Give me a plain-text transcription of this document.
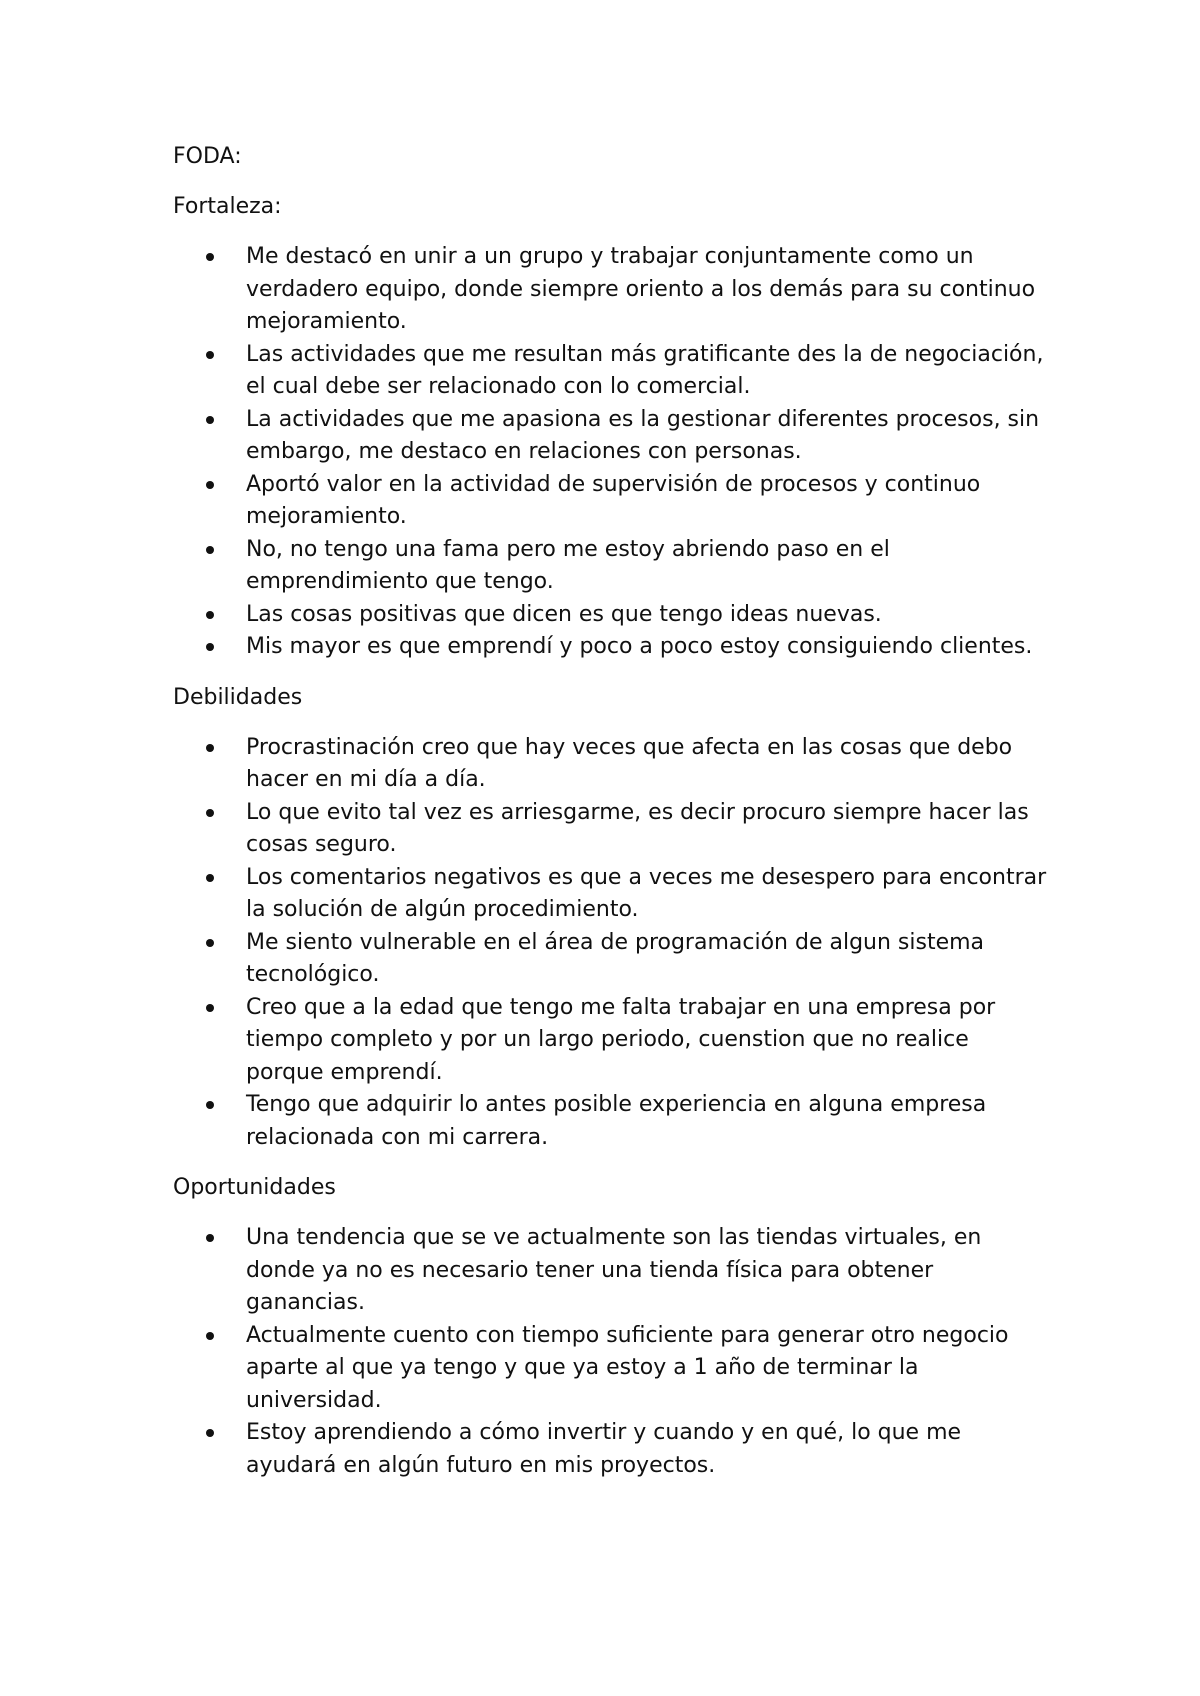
FODA:

Fortaleza:

Me destacó en unir a un grupo y trabajar conjuntamente como un verdadero equipo, donde siempre oriento a los demás para su continuo mejoramiento.
Las actividades que me resultan más gratificante des la de negociación, el cual debe ser relacionado con lo comercial.
La actividades que me apasiona es la gestionar diferentes procesos, sin embargo, me destaco en relaciones con personas.
Aportó valor en la actividad de supervisión de procesos y continuo mejoramiento.
No, no tengo una fama pero me estoy abriendo paso en el emprendimiento que tengo.
Las cosas positivas que dicen es que tengo ideas nuevas.
Mis mayor es que emprendí y poco a poco estoy consiguiendo clientes.

Debilidades

Procrastinación creo que hay veces que afecta en las cosas que debo hacer en mi día a día.
Lo que evito tal vez es arriesgarme, es decir procuro siempre hacer las cosas seguro.
Los comentarios negativos es que a veces me desespero para encontrar la solución de algún procedimiento.
Me siento vulnerable en el área de programación de algun sistema tecnológico.
Creo que a la edad que tengo me falta trabajar en una empresa por tiempo completo y por un largo periodo, cuenstion que no realice porque emprendí.
Tengo que adquirir lo antes posible experiencia en alguna empresa relacionada con mi carrera.

Oportunidades

Una tendencia que se ve actualmente son las tiendas virtuales, en donde ya no es necesario tener una tienda física para obtener ganancias.
Actualmente cuento con tiempo suficiente para generar otro negocio aparte al que ya tengo y que ya estoy a 1 año de terminar la universidad.
Estoy aprendiendo a cómo invertir y cuando y en qué, lo que me ayudará en algún futuro en mis proyectos.
